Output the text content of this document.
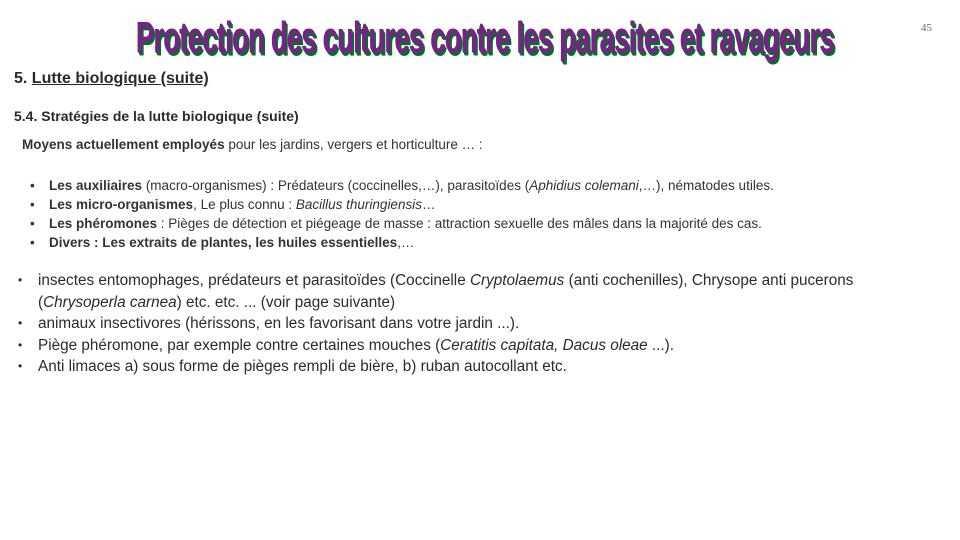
45
Protection des cultures contre les parasites et ravageurs
5. Lutte biologique (suite)
5.4. Stratégies de la lutte biologique (suite)
Moyens actuellement employés pour les jardins, vergers et horticulture … :
•	Les auxiliaires (macro-organismes) : Prédateurs (coccinelles,…), parasitoïdes (Aphidius colemani,…), nématodes utiles.
•	Les micro-organismes, Le plus connu : Bacillus thuringiensis…
•	Les phéromones : Pièges de détection et piégeage de masse : attraction sexuelle des mâles dans la majorité des cas.
•	Divers : Les extraits de plantes, les huiles essentielles,…
•	insectes entomophages, prédateurs et parasitoïdes (Coccinelle Cryptolaemus (anti cochenilles), Chrysope anti pucerons (Chrysoperla carnea) etc. etc. ... (voir page suivante)
•	animaux insectivores (hérissons, en les favorisant dans votre jardin ...).
•	Piège phéromone, par exemple contre certaines mouches (Ceratitis capitata, Dacus oleae ...).
•	Anti limaces a) sous forme de pièges rempli de bière, b) ruban autocollant etc.
